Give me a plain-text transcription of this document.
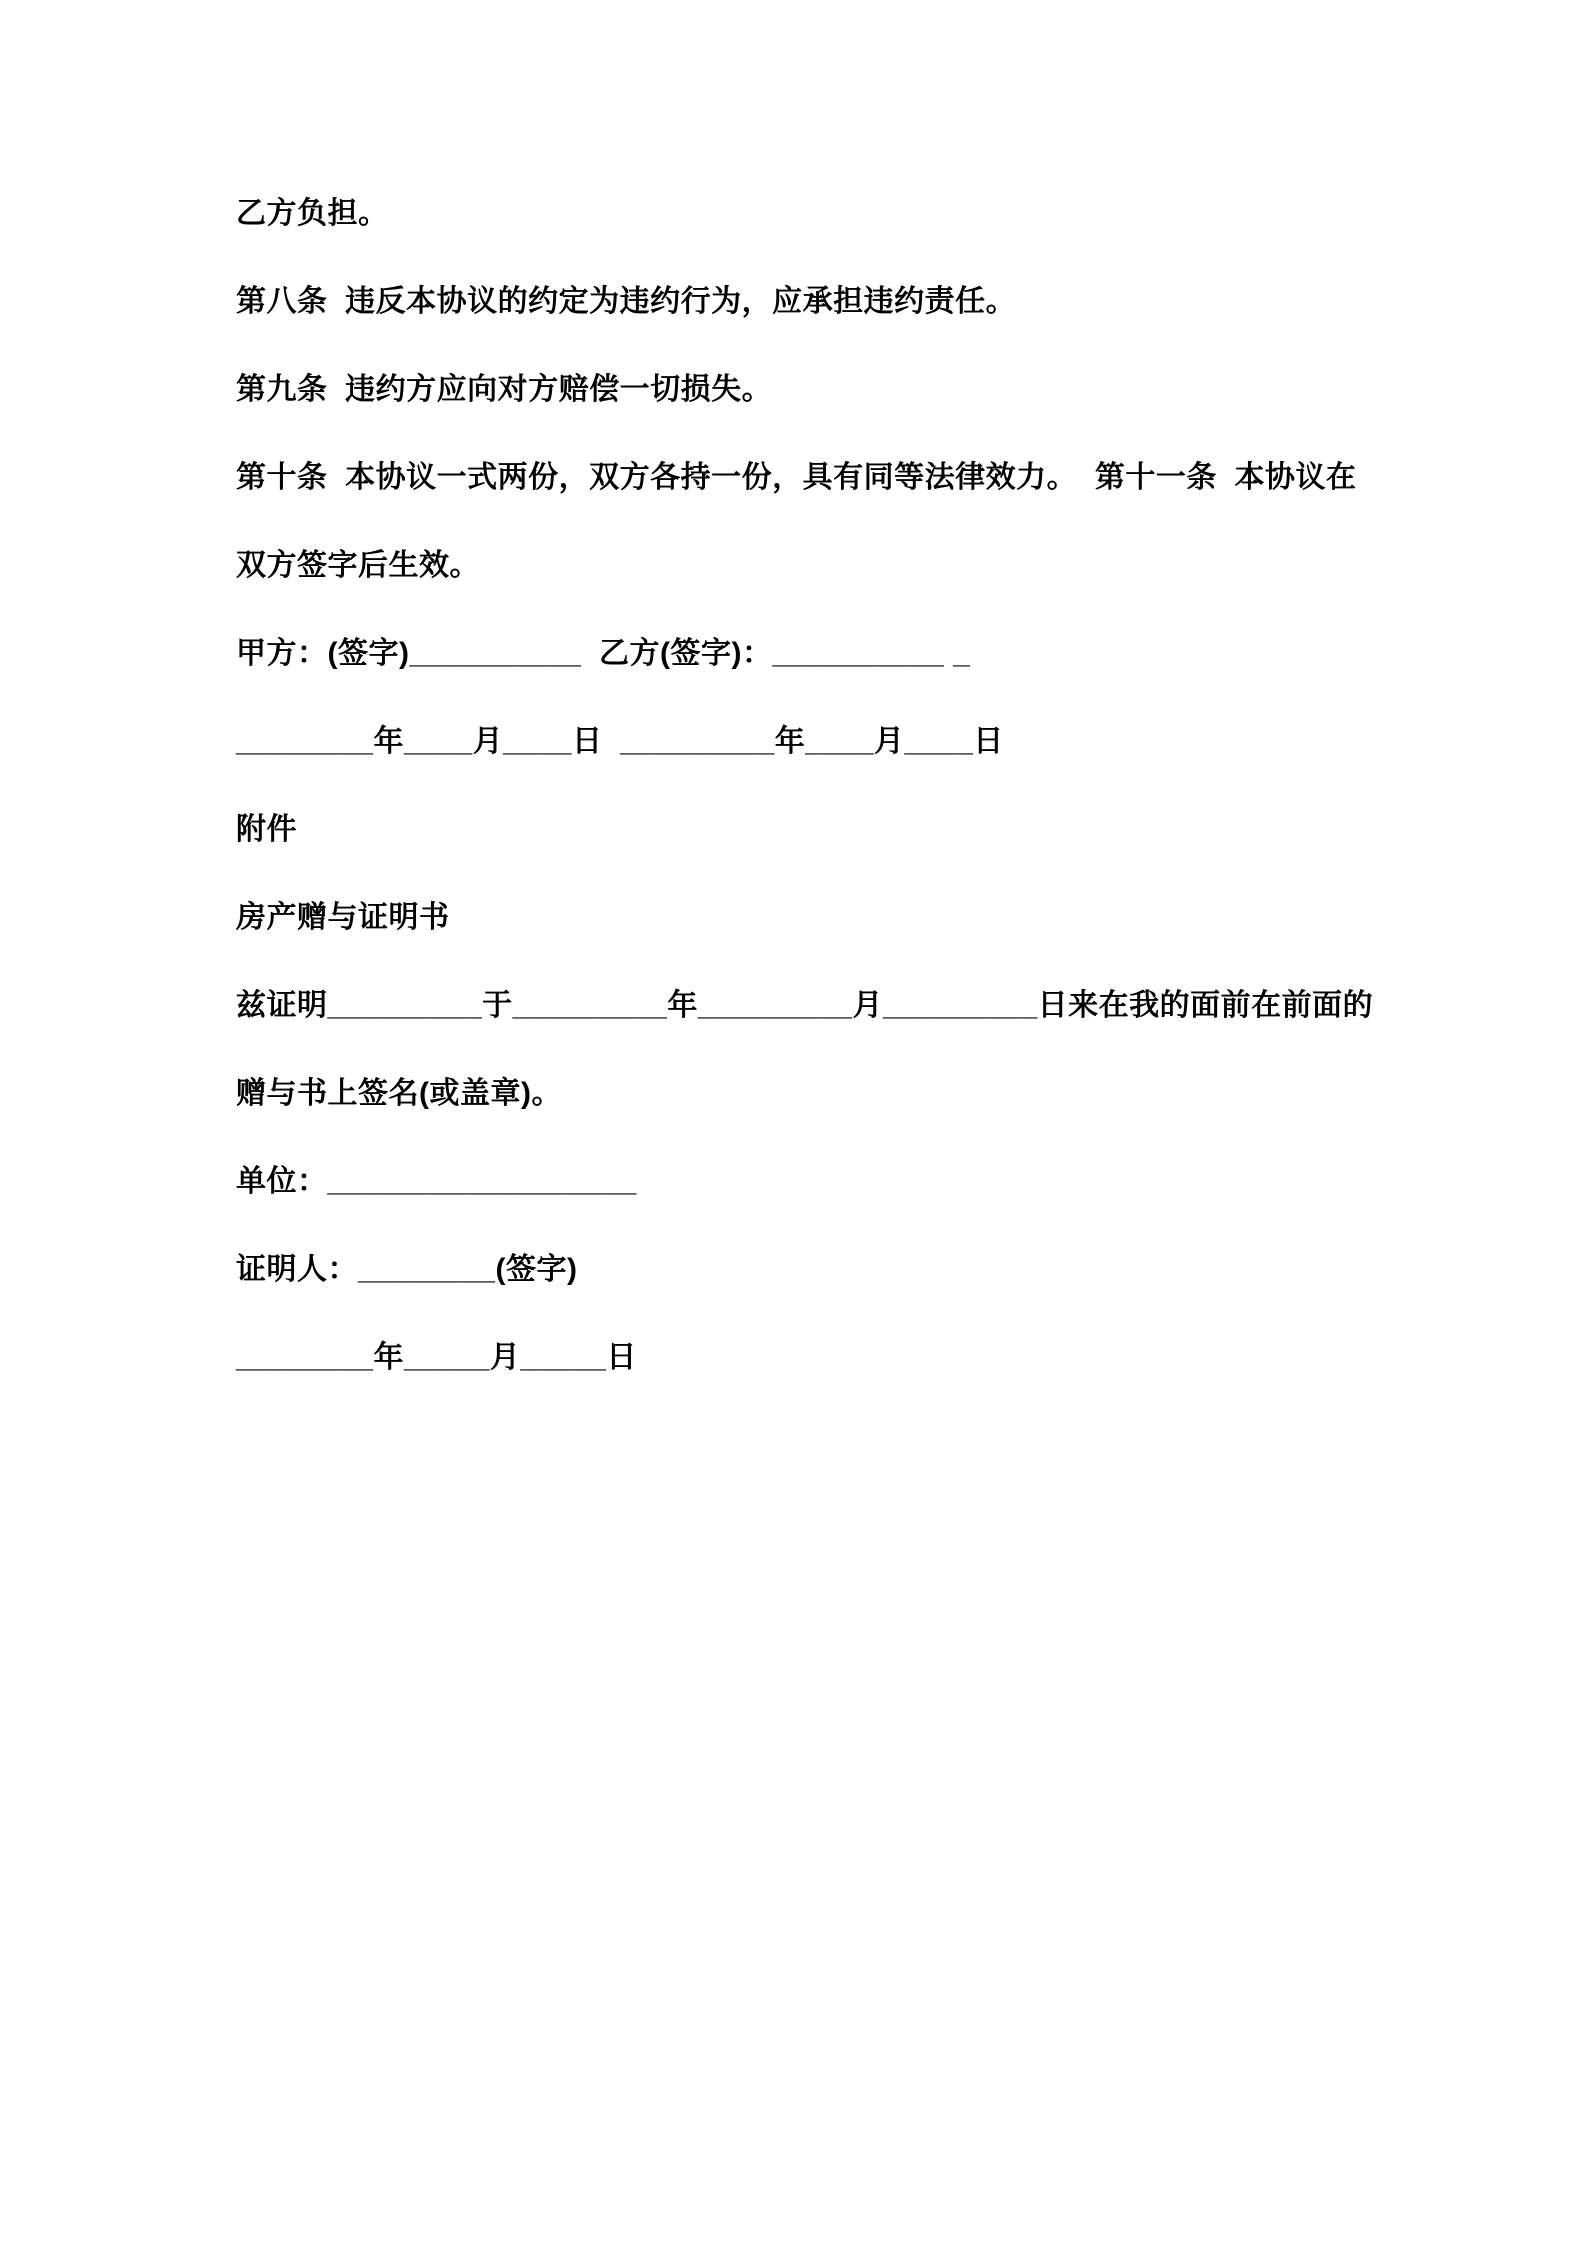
乙方负担。

第八条  违反本协议的约定为违约行为，应承担违约责任。

第九条  违约方应向对方赔偿一切损失。

第十条  本协议一式两份，双方各持一份，具有同等法律效力。  第十一条  本协议在双方签字后生效。

甲方：(签字)__________  乙方(签字)：__________ _

________年____月____日  _________年____月____日

附件

房产赠与证明书

兹证明_________于_________年_________月_________日来在我的面前在前面的赠与书上签名(或盖章)。

单位：__________________

证明人：________(签字)

________年_____月_____日
